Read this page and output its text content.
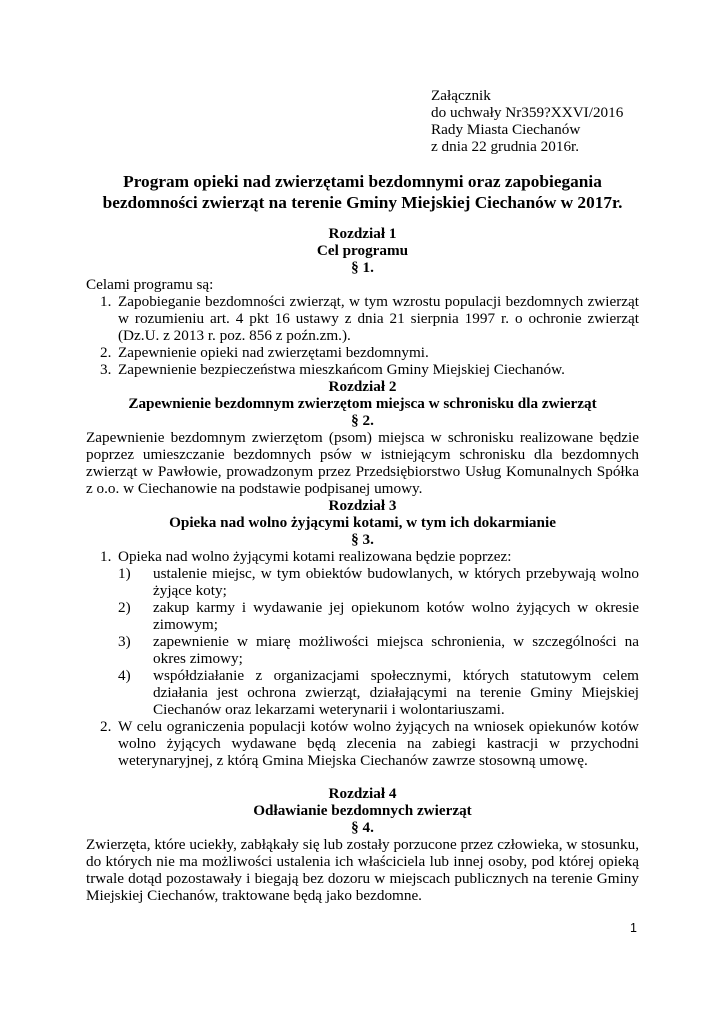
Załącznik
do uchwały Nr359?XXVI/2016
Rady Miasta Ciechanów
z dnia 22 grudnia 2016r.
Program opieki nad zwierzętami bezdomnymi oraz zapobiegania
bezdomności zwierząt na terenie Gminy Miejskiej Ciechanów w 2017r.
Rozdział 1
Cel programu
§ 1.
Celami programu są:
1. Zapobieganie bezdomności zwierząt, w tym wzrostu populacji bezdomnych zwierząt w rozumieniu art. 4 pkt 16 ustawy z dnia 21 sierpnia 1997 r. o ochronie zwierząt (Dz.U. z 2013 r. poz. 856 z poźn.zm.).
2. Zapewnienie opieki nad zwierzętami bezdomnymi.
3. Zapewnienie bezpieczeństwa mieszkańcom Gminy Miejskiej Ciechanów.
Rozdział 2
Zapewnienie bezdomnym zwierzętom miejsca w schronisku dla zwierząt
§ 2.
Zapewnienie bezdomnym zwierzętom (psom) miejsca w schronisku realizowane będzie poprzez umieszczanie bezdomnych psów w istniejącym schronisku dla bezdomnych zwierząt w Pawłowie, prowadzonym przez Przedsiębiorstwo Usług Komunalnych Spółka z o.o. w Ciechanowie na podstawie podpisanej umowy.
Rozdział 3
Opieka nad wolno żyjącymi kotami, w tym ich dokarmianie
§ 3.
1. Opieka nad wolno żyjącymi kotami realizowana będzie poprzez:
1) ustalenie miejsc, w tym obiektów budowlanych, w których przebywają wolno żyjące koty;
2) zakup karmy i wydawanie jej opiekunom kotów wolno żyjących w okresie zimowym;
3) zapewnienie w miarę możliwości miejsca schronienia, w szczególności na okres zimowy;
4) współdziałanie z organizacjami społecznymi, których statutowym celem działania jest ochrona zwierząt, działającymi na terenie Gminy Miejskiej Ciechanów oraz lekarzami weterynarii i wolontariuszami.
2. W celu ograniczenia populacji kotów wolno żyjących na wniosek opiekunów kotów wolno żyjących wydawane będą zlecenia na zabiegi kastracji w przychodni weterynaryjnej, z którą Gmina Miejska Ciechanów zawrze stosowną umowę.
Rozdział 4
Odławianie bezdomnych zwierząt
§ 4.
Zwierzęta, które uciekły, zabłąkały się lub zostały porzucone przez człowieka, w stosunku, do których nie ma możliwości ustalenia ich właściciela lub innej osoby, pod której opieką trwale dotąd pozostawały i biegają bez dozoru w miejscach publicznych na terenie Gminy Miejskiej Ciechanów, traktowane będą jako bezdomne.
1
